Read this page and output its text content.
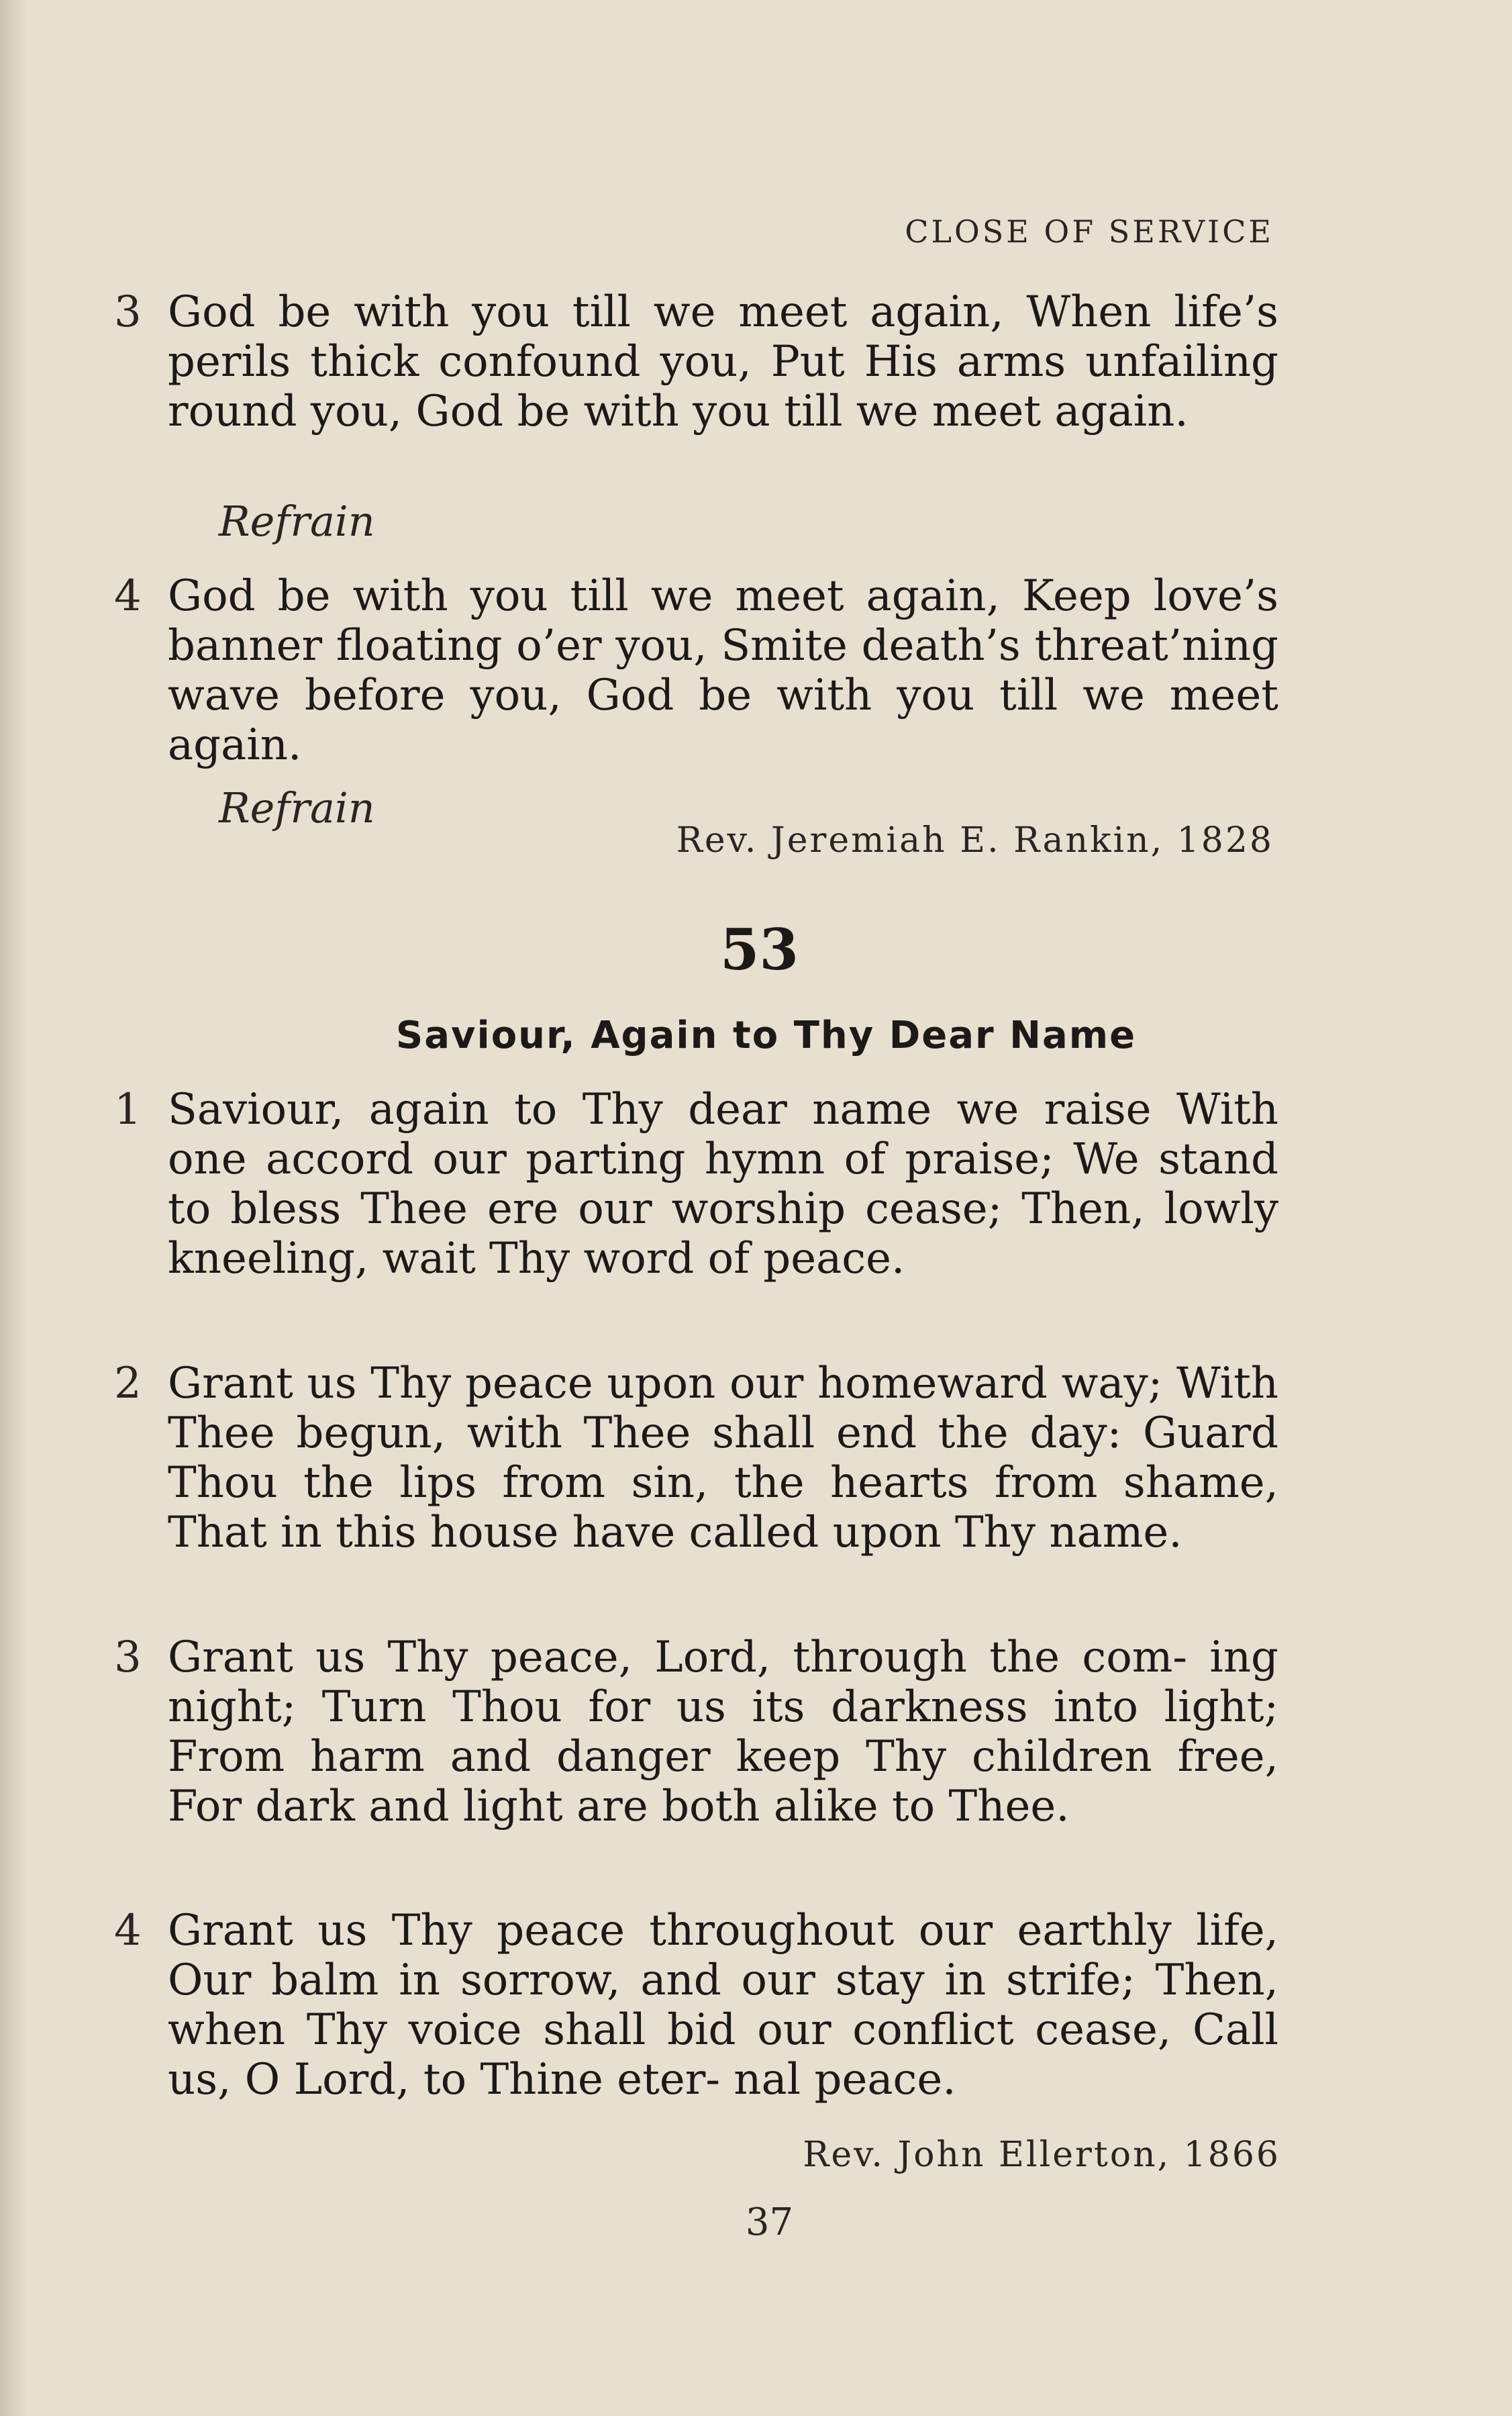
CLOSE OF SERVICE
3 God be with you till we meet again, When life’s perils thick confound you, Put His arms unfailing round you, God be with you till we meet again.
Refrain
4 God be with you till we meet again, Keep love’s banner floating o’er you, Smite death’s threat’ning wave before you, God be with you till we meet again.
Refrain
Rev. Jeremiah E. Rankin, 1828
53
Saviour, Again to Thy Dear Name
1 Saviour, again to Thy dear name we raise With one accord our parting hymn of praise; We stand to bless Thee ere our worship cease; Then, lowly kneeling, wait Thy word of peace.
2 Grant us Thy peace upon our homeward way; With Thee begun, with Thee shall end the day: Guard Thou the lips from sin, the hearts from shame, That in this house have called upon Thy name.
3 Grant us Thy peace, Lord, through the com- ing night; Turn Thou for us its darkness into light; From harm and danger keep Thy children free, For dark and light are both alike to Thee.
4 Grant us Thy peace throughout our earthly life, Our balm in sorrow, and our stay in strife; Then, when Thy voice shall bid our conflict cease, Call us, O Lord, to Thine eter- nal peace.
Rev. John Ellerton, 1866
37
